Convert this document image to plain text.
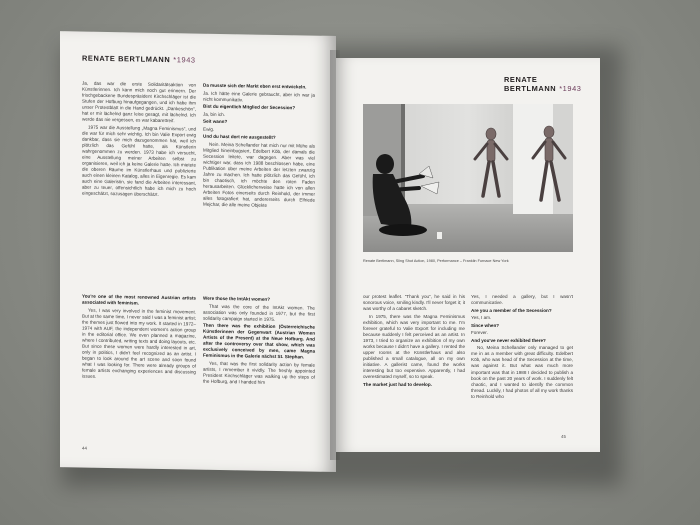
RENATE BERTLMANN *1943

Ja, das war die erste Solidaritätsaktion von Künstlerinnen. Ich kann mich noch gut erinnern. Der frischgebackene Bundespräsident Kirchschläger ist die Stufen der Hofburg hinaufgegangen, und ich habe ihm unser Protestblatt in die Hand gedrückt. „Dankeschön", hat er mir lächelnd ganz leise gesagt, mit lächelnd. Ich werde das nie vergessen, es war kabarettreif.

1975 war die Ausstellung „Magna Feminismus", und die war für mich sehr wichtig. Ich bin Valie Export ewig dankbar, dass sie mich dazugenommen hat, weil ich plötzlich das Gefühl hatte, als Künstlerin wahrgenommen zu werden. 1973 habe ich versucht, eine Ausstellung meiner Arbeiten selbst zu organisieren, weil ich ja keine Galerie hatte. Ich mietete die oberen Räume im Künstlerhaus und publizierte auch einen kleinen Katalog, alles in Eigenregie. Es kam auch eine Galeristin, sie fand die Arbeiten interessant, aber zu teuer, offensichtlich habe ich mich zu hoch eingeschätzt, sozusagen überschätzt.

Da musste sich der Markt eben erst entwickeln.

Ja. Ich hätte eine Galerie gebraucht, aber ich war ja nicht kommunikativ.

Bist du eigentlich Mitglied der Secession?

Ja, bin ich.

Seit wann?

Ewig.

Und du hast dort nie ausgestellt?

Nein. Meina Schellander hat mich nur mit Mühe als Mitglied hineinbugsiert, Edelbert Köb, der damals die Secession leitete, war dagegen. Aber was viel wichtiger war, dass ich 1988 beschlossen habe, eine Publikation über meine Arbeiten der letzten zwanzig Jahre zu machen. Ich hatte plötzlich das Gefühl, ich bin chaotisch, ich möchte den roten Faden herausarbeiten. Glücklicherweise hatte ich von allen Arbeiten Fotos einerseits durch Reinhold, der immer alles fotografiert hat, andererseits durch Elfriede Mejchar, die alle meine Objekte

You're one of the most renowned Austrian artists associated with feminism.

Yes, I was very involved in the feminist movement. But at the same time, I never said I was a feminist artist; the themes just flowed into my work. It started in 1972–1974 with AUF, the independent women's action group in the editorial office. We even planned a magazine, where I contributed, writing texts and doing layouts, etc. But since these women were hardly interested in art, only in politics, I didn't feel recognized as an artist. I began to look around the art scene and soon found what I was looking for. There were already groups of female artists exchanging experiences and discussing issues.

Were those the IntAkt women?

That was the core of the IntAkt women. The association was only founded in 1977, but the first solidarity campaign started in 1975.

Then there was the exhibition (Österreichische Künstlerinnen der Gegenwart (Austrian Women Artists of the Present) at the Neue Hofburg. And after the controversy over that show, which was exclusively conceived by men, came Magna Feminismus in the Galerie nächst St. Stephan.

Yes, that was the first solidarity action by female artists, I remember it vividly. The freshly appointed President Kirchschläger was walking up the steps of the Hofburg, and I handed him

44
RENATE BERTLMANN *1943
Renate Bertlmann, Sling Shot Action, 1980, Performance – Franklin Furnace New York

our protest leaflet. “Thank you”, he said in his sonorous voice, smiling kindly. I'll never forget it; it was worthy of a cabaret sketch.

In 1975, there was the Magna Feminismus exhibition, which was very important to me. I'm forever grateful to Valie Export for including me because suddenly I felt perceived as an artist. In 1973, I tried to organize an exhibition of my own works because I didn't have a gallery. I rented the upper rooms at the Künstlerhaus and also published a small catalogue, all on my own initiative. A gallerist came, found the works interesting but too expensive. Apparently, I had overestimated myself, so to speak.

The market just had to develop.

Yes, I needed a gallery, but I wasn't communicative.

Are you a member of the Secession?

Yes, I am.

Since when?

Forever.

And you've never exhibited there?

No, Meina Schellander only managed to get me in as a member with great difficulty. Edelbert Köb, who was head of the Secession at the time, was against it. But what was much more important was that in 1988 I decided to publish a book on the past 20 years of work. I suddenly felt chaotic, and I wanted to identify the common thread. Luckily, I had photos of all my work thanks to Reinhold who

45
